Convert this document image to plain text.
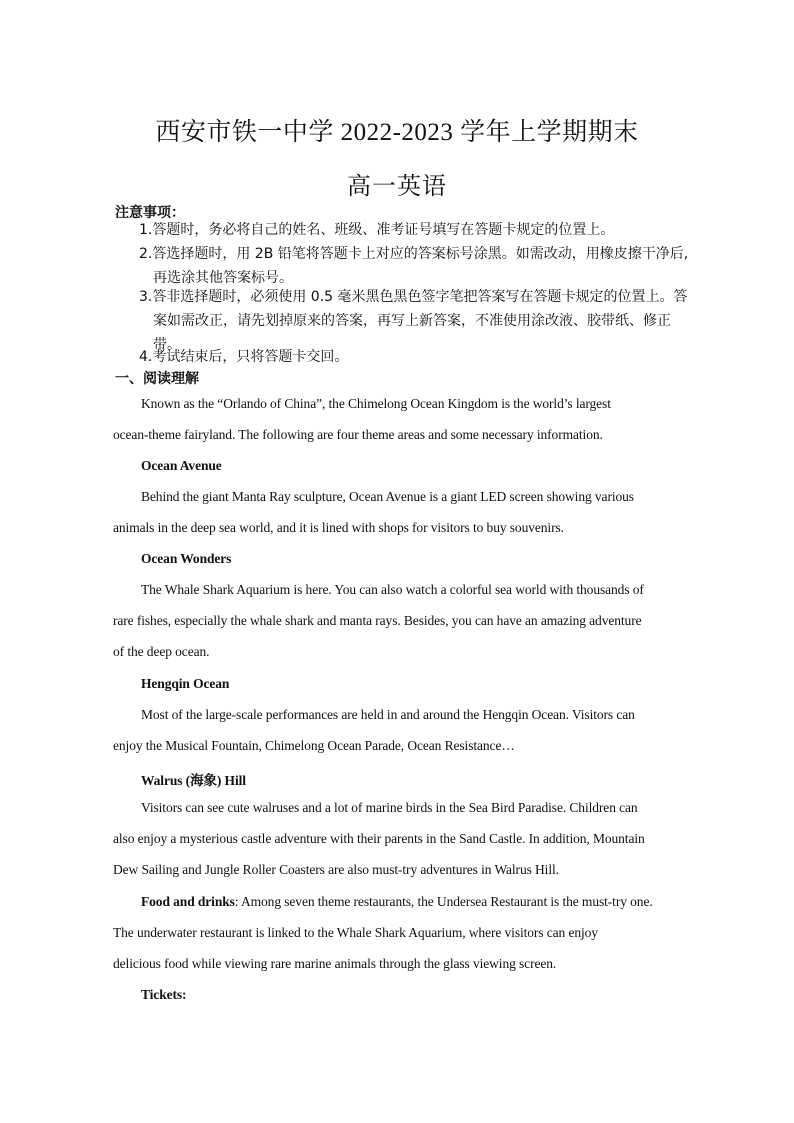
西安市铁一中学 2022-2023 学年上学期期末
高一英语
注意事项：
1.答题时，务必将自己的姓名、班级、准考证号填写在答题卡规定的位置上。
2.答选择题时，用 2B 铅笔将答题卡上对应的答案标号涂黑。如需改动，用橡皮擦干净后,
再选涂其他答案标号。
3.答非选择题时，必须使用 0.5 毫米黑色黑色签字笔把答案写在答题卡规定的位置上。答
案如需改正，请先划掉原来的答案，再写上新答案，不准使用涂改液、胶带纸、修正
带。
4.考试结束后，只将答题卡交回。
一、阅读理解
Known as the “Orlando of China”, the Chimelong Ocean Kingdom is the world’s largest
ocean-theme fairyland. The following are four theme areas and some necessary information.
Ocean Avenue
Behind the giant Manta Ray sculpture, Ocean Avenue is a giant LED screen showing various
animals in the deep sea world, and it is lined with shops for visitors to buy souvenirs.
Ocean Wonders
The Whale Shark Aquarium is here. You can also watch a colorful sea world with thousands of
rare fishes, especially the whale shark and manta rays. Besides, you can have an amazing adventure
of the deep ocean.
Hengqin Ocean
Most of the large-scale performances are held in and around the Hengqin Ocean. Visitors can
enjoy the Musical Fountain, Chimelong Ocean Parade, Ocean Resistance…
Walrus (海象) Hill
Visitors can see cute walruses and a lot of marine birds in the Sea Bird Paradise. Children can
also enjoy a mysterious castle adventure with their parents in the Sand Castle. In addition, Mountain
Dew Sailing and Jungle Roller Coasters are also must-try adventures in Walrus Hill.
Food and drinks: Among seven theme restaurants, the Undersea Restaurant is the must-try one.
The underwater restaurant is linked to the Whale Shark Aquarium, where visitors can enjoy
delicious food while viewing rare marine animals through the glass viewing screen.
Tickets:
